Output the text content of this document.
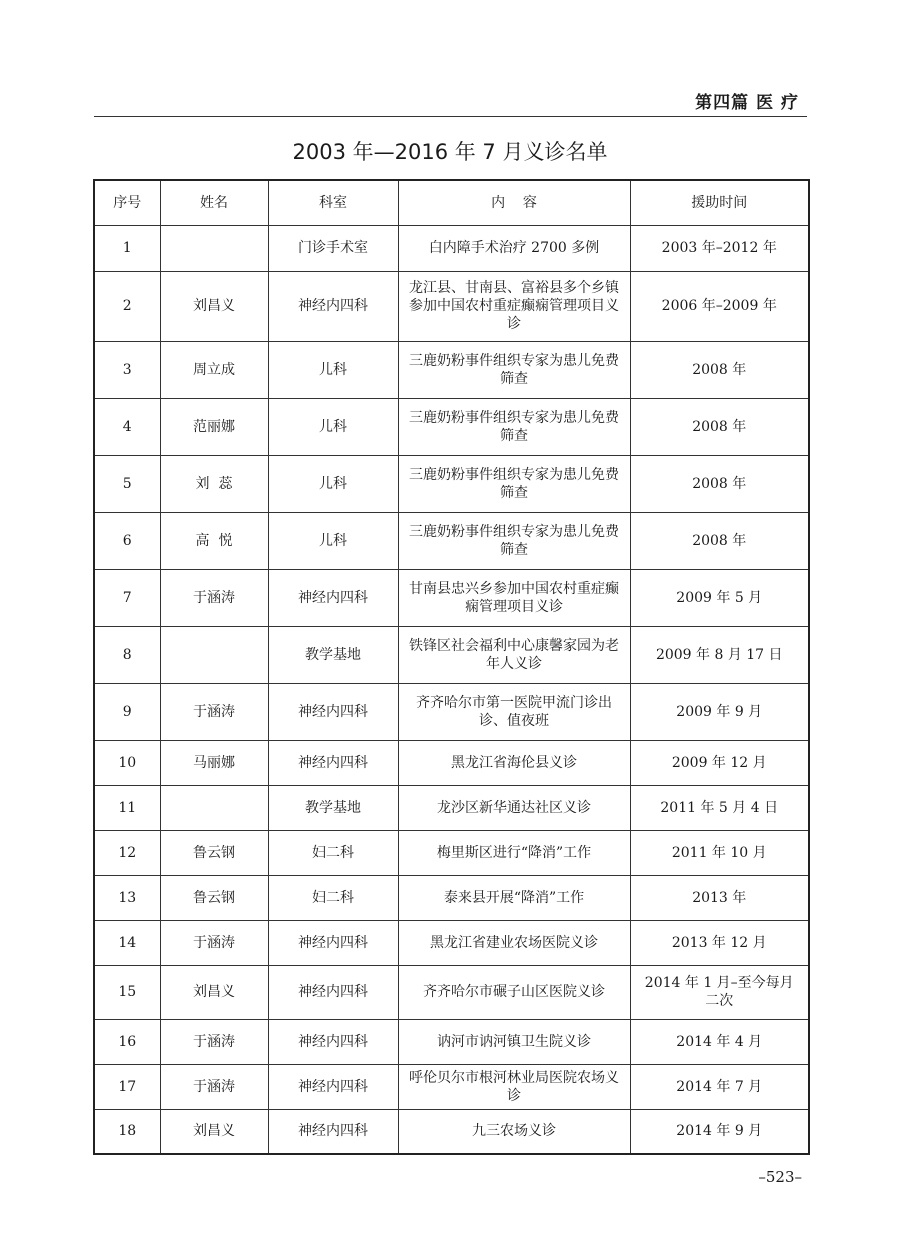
第四篇 医 疗
2003 年—2016 年 7 月义诊名单
序号	姓名	科室	内    容	援助时间
1		门诊手术室	白内障手术治疗 2700 多例	2003 年–2012 年
2	刘昌义	神经内四科	龙江县、甘南县、富裕县多个乡镇参加中国农村重症癫痫管理项目义诊	2006 年–2009 年
3	周立成	儿科	三鹿奶粉事件组织专家为患儿免费筛查	2008 年
4	范丽娜	儿科	三鹿奶粉事件组织专家为患儿免费筛查	2008 年
5	刘  蕊	儿科	三鹿奶粉事件组织专家为患儿免费筛查	2008 年
6	高  悦	儿科	三鹿奶粉事件组织专家为患儿免费筛查	2008 年
7	于涵涛	神经内四科	甘南县忠兴乡参加中国农村重症癫痫管理项目义诊	2009 年 5 月
8		教学基地	铁锋区社会福利中心康馨家园为老年人义诊	2009 年 8 月 17 日
9	于涵涛	神经内四科	齐齐哈尔市第一医院甲流门诊出诊、值夜班	2009 年 9 月
10	马丽娜	神经内四科	黑龙江省海伦县义诊	2009 年 12 月
11		教学基地	龙沙区新华通达社区义诊	2011 年 5 月 4 日
12	鲁云钢	妇二科	梅里斯区进行“降消”工作	2011 年 10 月
13	鲁云钢	妇二科	泰来县开展“降消”工作	2013 年
14	于涵涛	神经内四科	黑龙江省建业农场医院义诊	2013 年 12 月
15	刘昌义	神经内四科	齐齐哈尔市碾子山区医院义诊	2014 年 1 月–至今每月二次
16	于涵涛	神经内四科	讷河市讷河镇卫生院义诊	2014 年 4 月
17	于涵涛	神经内四科	呼伦贝尔市根河林业局医院农场义诊	2014 年 7 月
18	刘昌义	神经内四科	九三农场义诊	2014 年 9 月
–523–
